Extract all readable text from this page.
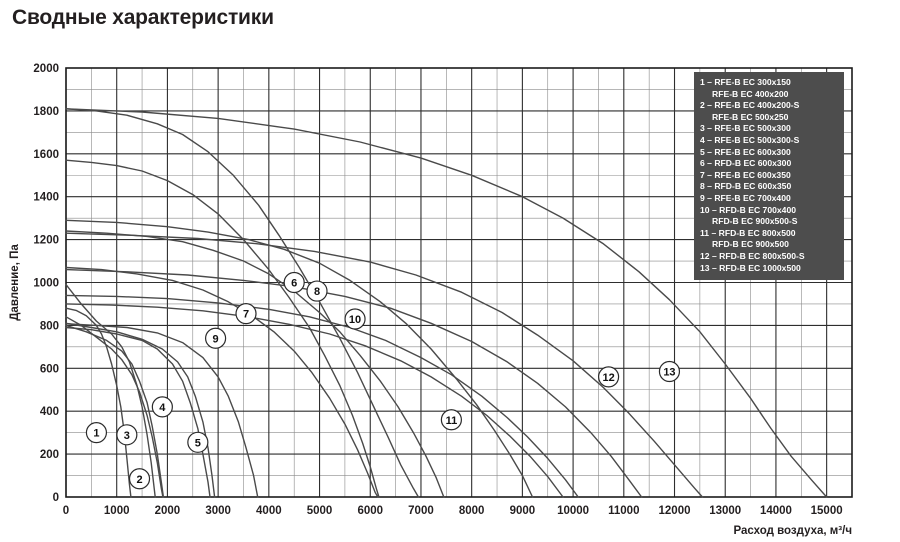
Сводные характеристики
0	1000 2000 3000 4000 5000 6000 7000 8000 9000 10000 11000 12000 13000 14000 15000
200
400
600
800
1000
1200
1400
1600
1800
2000
0
Давление, Па
Расход воздуха, м³/ч
1
2
3
4
5
6
7
8
9
10
11
12	13
1 – RFE-B EC 300x150
RFE-B EC 400x200
2 – RFE-B EC 400x200-S
RFE-B EC 500x250
3 – RFE-B EC 500x300
4 – RFE-B EC 500x300-S
5 – RFE-B EC 600x300
6 – RFD-B EC 600x300
7 – RFE-B EC 600x350
8 – RFD-B EC 600x350
9 – RFE-B EC 700x400
10 – RFD-B EC 700x400
RFD-B EC 900x500-S
11 – RFD-B EC 800x500
RFD-B EC 900x500
12 – RFD-B EC 800x500-S
13 – RFD-B EC 1000x500
